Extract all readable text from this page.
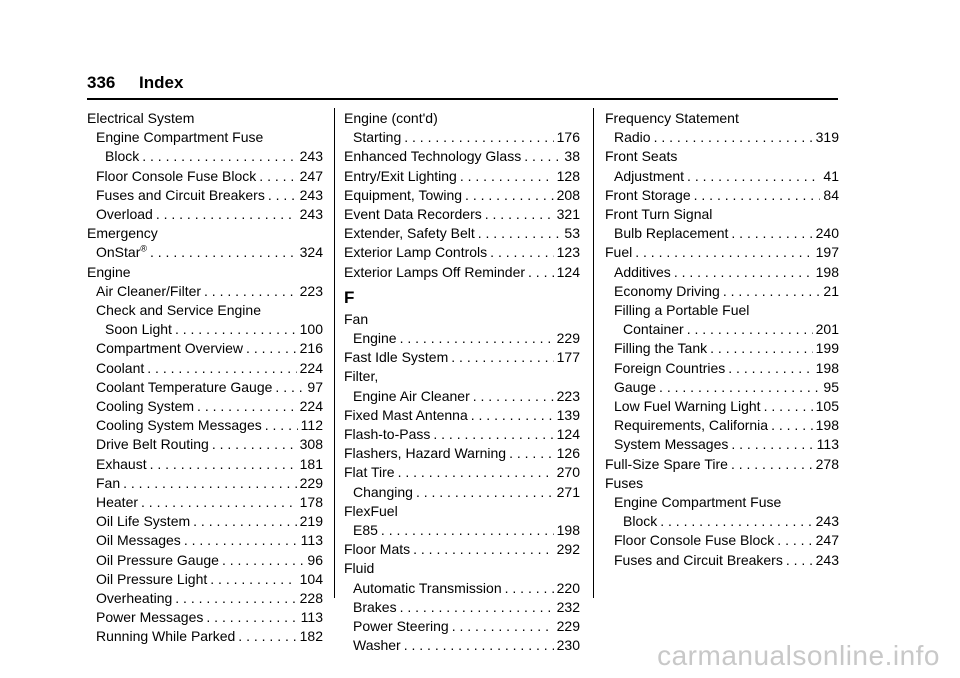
336 Index
Electrical System
Engine Compartment Fuse
Block . . .	243
Floor Console Fuse Block . . .	247
Fuses and Circuit Breakers . . . 243
Overload . . .	243
Emergency
OnStar® . . .	324
Engine
Air Cleaner/Filter . . .	223
Check and Service Engine
Soon Light . . .	100
Compartment Overview . . .	216
Coolant . . .	224
Coolant Temperature Gauge . . .	97
Cooling System . . .	224
Cooling System Messages . . .	112
Drive Belt Routing . . .	308
Exhaust . . .	181
Fan . . .	229
Heater . . .	178
Oil Life System . . .	219
Oil Messages . . .	113
Oil Pressure Gauge . . .	96
Oil Pressure Light . . .	104
Overheating . . .	228
Power Messages . . .	113
Running While Parked . . .	182
Engine (cont'd)
Starting . . .	176
Enhanced Technology Glass . . .	38
Entry/Exit Lighting . . .	128
Equipment, Towing . . .	208
Event Data Recorders . . .	321
Extender, Safety Belt . . .	53
Exterior Lamp Controls . . .	123
Exterior Lamps Off Reminder . . . 124
F
Fan
Engine . . .	229
Fast Idle System . . .	177
Filter,
Engine Air Cleaner . . .	223
Fixed Mast Antenna . . .	139
Flash-to-Pass . . .	124
Flashers, Hazard Warning . . .	126
Flat Tire . . .	270
Changing . . .	271
FlexFuel
E85 . . .	198
Floor Mats . . .	292
Fluid
Automatic Transmission . . .	220
Brakes . . .	232
Power Steering . . .	229
Washer . . .	230
Frequency Statement
Radio . . .	319
Front Seats
Adjustment . . .	41
Front Storage . . .	84
Front Turn Signal
Bulb Replacement . . .	240
Fuel . . .	197
Additives . . .	198
Economy Driving . . .	21
Filling a Portable Fuel
Container . . .	201
Filling the Tank . . .	199
Foreign Countries . . .	198
Gauge . . .	95
Low Fuel Warning Light . . .	105
Requirements, California . . .	198
System Messages . . .	113
Full-Size Spare Tire . . .	278
Fuses
Engine Compartment Fuse
Block . . .	243
Floor Console Fuse Block . . .	247
Fuses and Circuit Breakers . . . 243
carmanualsonline.info
